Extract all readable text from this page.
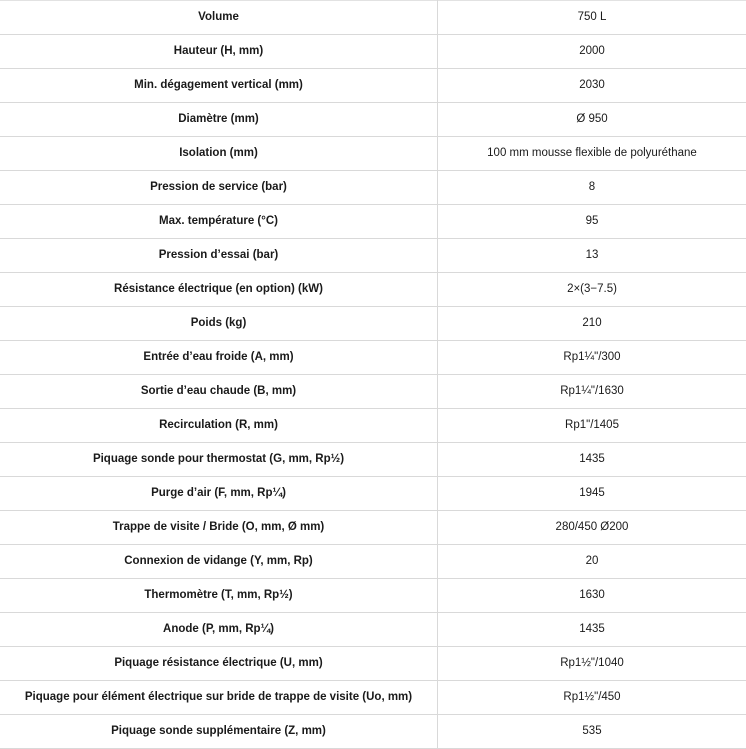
Volume	750 L
Hauteur (H, mm)	2000
Min. dégagement vertical (mm)	2030
Diamètre (mm)	Ø 950
Isolation (mm)	100 mm mousse flexible de polyuréthane
Pression de service (bar)	8
Max. température (°C)	95
Pression d’essai (bar)	13
Résistance électrique (en option) (kW)	2×(3−7.5)
Poids (kg)	210
Entrée d’eau froide (A, mm)	Rp1¼"/300
Sortie d’eau chaude (B, mm)	Rp1¼"/1630
Recirculation (R, mm)	Rp1"/1405
Piquage sonde pour thermostat (G, mm, Rp½)	1435
Purge d’air (F, mm, Rp¼)	1945
Trappe de visite / Bride (O, mm, Ø mm)	280/450 Ø200
Connexion de vidange (Y, mm, Rp)	20
Thermomètre (T, mm, Rp½)	1630
Anode (P, mm, Rp¼)	1435
Piquage résistance électrique (U, mm)	Rp1½"/1040
Piquage pour élément électrique sur bride de trappe de visite (Uo, mm)	Rp1½"/450
Piquage sonde supplémentaire (Z, mm)	535
